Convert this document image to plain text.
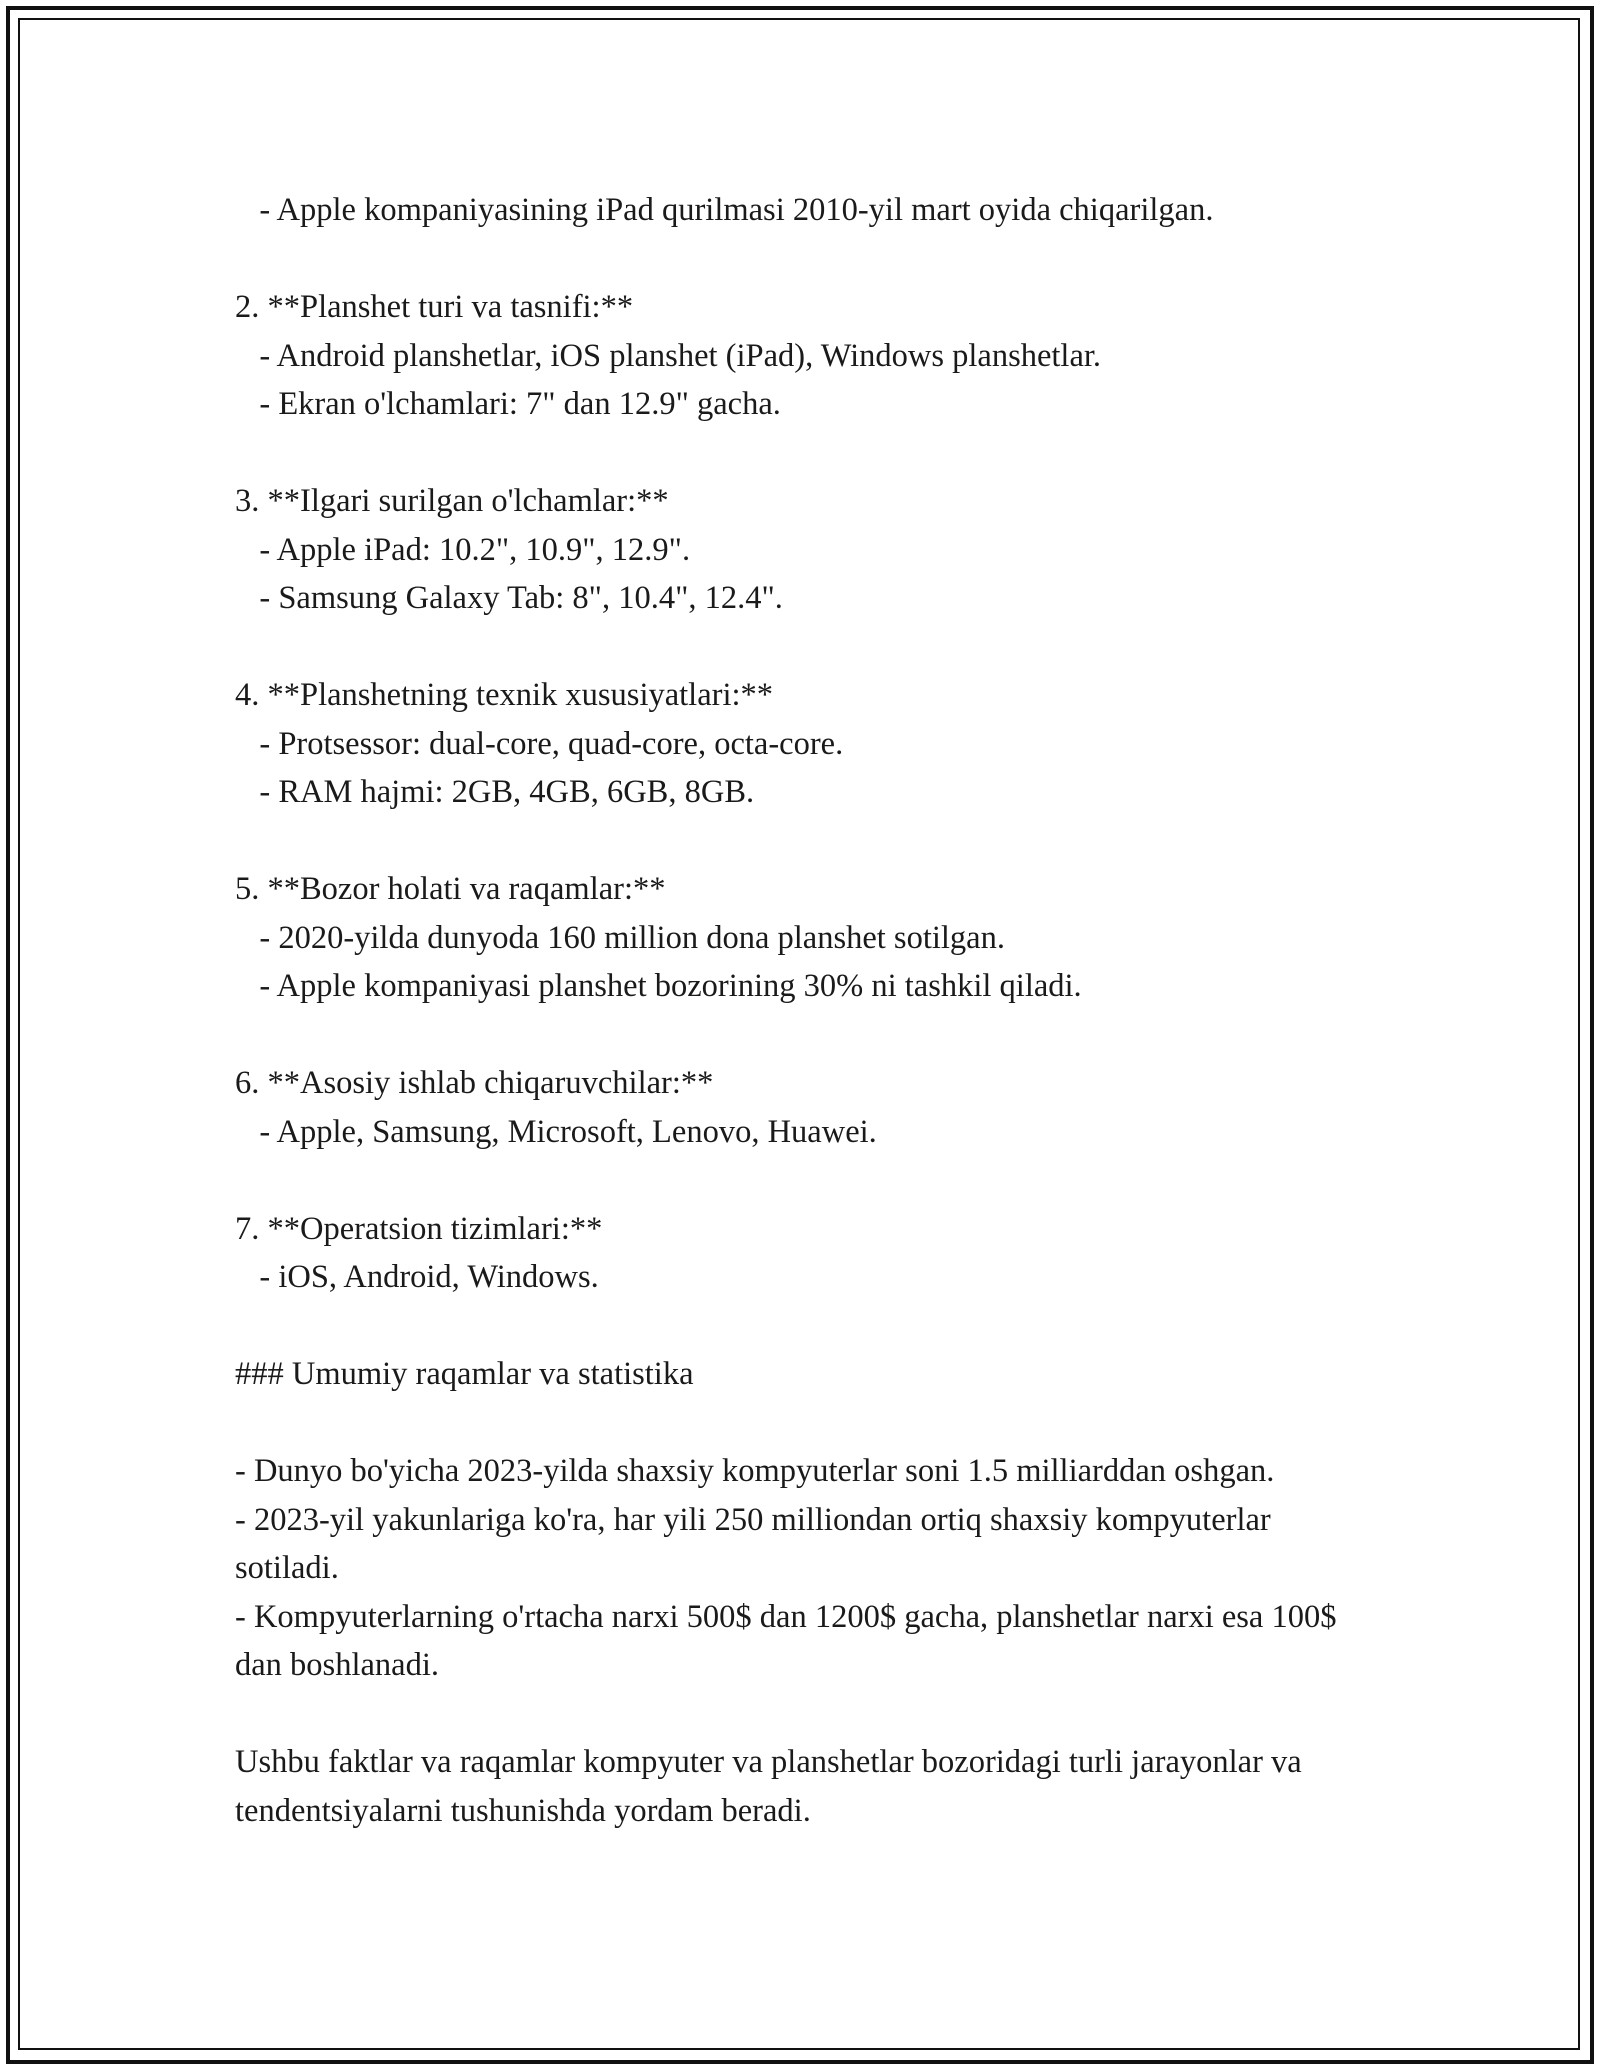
- Apple kompaniyasining iPad qurilmasi 2010-yil mart oyida chiqarilgan.

2. **Planshet turi va tasnifi:**

- Android planshetlar, iOS planshet (iPad), Windows planshetlar.

- Ekran o'lchamlari: 7" dan 12.9" gacha.

3. **Ilgari surilgan o'lchamlar:**

- Apple iPad: 10.2", 10.9", 12.9".

- Samsung Galaxy Tab: 8", 10.4", 12.4".

4. **Planshetning texnik xususiyatlari:**

- Protsessor: dual-core, quad-core, octa-core.

- RAM hajmi: 2GB, 4GB, 6GB, 8GB.

5. **Bozor holati va raqamlar:**

- 2020-yilda dunyoda 160 million dona planshet sotilgan.

- Apple kompaniyasi planshet bozorining 30% ni tashkil qiladi.

6. **Asosiy ishlab chiqaruvchilar:**

- Apple, Samsung, Microsoft, Lenovo, Huawei.

7. **Operatsion tizimlari:**

- iOS, Android, Windows.

### Umumiy raqamlar va statistika

- Dunyo bo'yicha 2023-yilda shaxsiy kompyuterlar soni 1.5 milliarddan oshgan.

- 2023-yil yakunlariga ko'ra, har yili 250 milliondan ortiq shaxsiy kompyuterlar sotiladi.

- Kompyuterlarning o'rtacha narxi 500$ dan 1200$ gacha, planshetlar narxi esa 100$ dan boshlanadi.

Ushbu faktlar va raqamlar kompyuter va planshetlar bozoridagi turli jarayonlar va tendentsiyalarni tushunishda yordam beradi.
